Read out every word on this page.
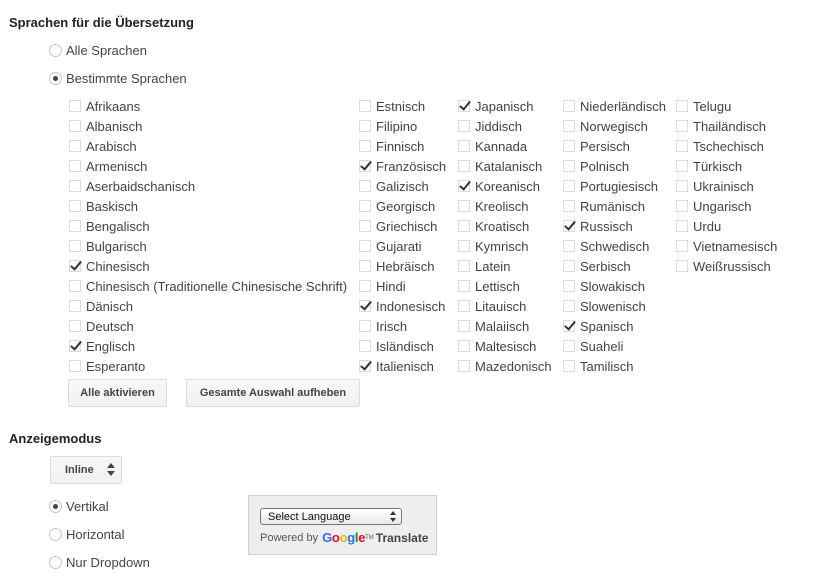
Sprachen für die Übersetzung
Alle Sprachen
Bestimmte Sprachen
Afrikaans
Albanisch
Arabisch
Armenisch
Aserbaidschanisch
Baskisch
Bengalisch
Bulgarisch
Chinesisch
Chinesisch (Traditionelle Chinesische Schrift)
Dänisch
Deutsch
Englisch
Esperanto
Estnisch
Filipino
Finnisch
Französisch
Galizisch
Georgisch
Griechisch
Gujarati
Hebräisch
Hindi
Indonesisch
Irisch
Isländisch
Italienisch
Japanisch
Jiddisch
Kannada
Katalanisch
Koreanisch
Kreolisch
Kroatisch
Kymrisch
Latein
Lettisch
Litauisch
Malaiisch
Maltesisch
Mazedonisch
Niederländisch
Norwegisch
Persisch
Polnisch
Portugiesisch
Rumänisch
Russisch
Schwedisch
Serbisch
Slowakisch
Slowenisch
Spanisch
Suaheli
Tamilisch
Telugu
Thailändisch
Tschechisch
Türkisch
Ukrainisch
Ungarisch
Urdu
Vietnamesisch
Weißrussisch
Alle aktivieren	Gesamte Auswahl aufheben
Anzeigemodus
Inline
Vertikal
Horizontal
Nur Dropdown
Select Language
Powered by Google TM Translate
